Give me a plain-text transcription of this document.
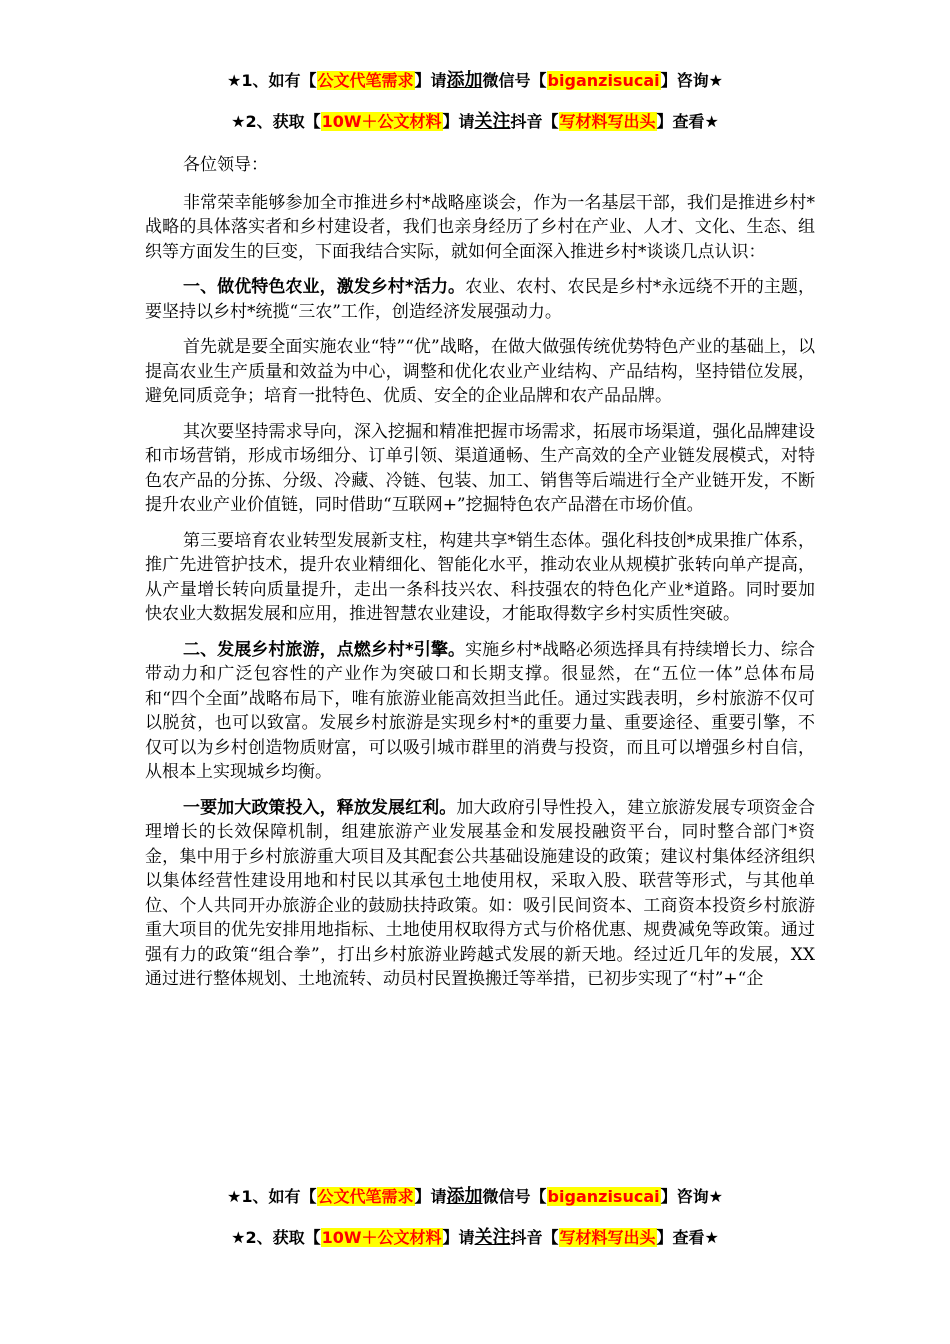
★1、如有【公文代笔需求】请添加微信号【biganzisucai】咨询★
★2、获取【10W＋公文材料】请关注抖音【写材料写出头】查看★

各位领导：

非常荣幸能够参加全市推进乡村*战略座谈会，作为一名基层干部，我们是推进乡村*战略的具体落实者和乡村建设者，我们也亲身经历了乡村在产业、人才、文化、生态、组织等方面发生的巨变，下面我结合实际，就如何全面深入推进乡村*谈谈几点认识：

一、做优特色农业，激发乡村*活力。农业、农村、农民是乡村*永远绕不开的主题，要坚持以乡村*统揽“三农”工作，创造经济发展强动力。

首先就是要全面实施农业“特”“优”战略，在做大做强传统优势特色产业的基础上，以提高农业生产质量和效益为中心，调整和优化农业产业结构、产品结构，坚持错位发展，避免同质竞争；培育一批特色、优质、安全的企业品牌和农产品品牌。

其次要坚持需求导向，深入挖掘和精准把握市场需求，拓展市场渠道，强化品牌建设和市场营销，形成市场细分、订单引领、渠道通畅、生产高效的全产业链发展模式，对特色农产品的分拣、分级、冷藏、冷链、包装、加工、销售等后端进行全产业链开发，不断提升农业产业价值链，同时借助“互联网+”挖掘特色农产品潜在市场价值。

第三要培育农业转型发展新支柱，构建共享*销生态体。强化科技创*成果推广体系，推广先进管护技术，提升农业精细化、智能化水平，推动农业从规模扩张转向单产提高，从产量增长转向质量提升，走出一条科技兴农、科技强农的特色化产业*道路。同时要加快农业大数据发展和应用，推进智慧农业建设，才能取得数字乡村实质性突破。

二、发展乡村旅游，点燃乡村*引擎。实施乡村*战略必须选择具有持续增长力、综合带动力和广泛包容性的产业作为突破口和长期支撑。很显然，在“五位一体”总体布局和“四个全面”战略布局下，唯有旅游业能高效担当此任。通过实践表明，乡村旅游不仅可以脱贫，也可以致富。发展乡村旅游是实现乡村*的重要力量、重要途径、重要引擎，不仅可以为乡村创造物质财富，可以吸引城市群里的消费与投资，而且可以增强乡村自信，从根本上实现城乡均衡。

一要加大政策投入，释放发展红利。加大政府引导性投入，建立旅游发展专项资金合理增长的长效保障机制，组建旅游产业发展基金和发展投融资平台，同时整合部门*资金，集中用于乡村旅游重大项目及其配套公共基础设施建设的政策；建议村集体经济组织以集体经营性建设用地和村民以其承包土地使用权，采取入股、联营等形式，与其他单位、个人共同开办旅游企业的鼓励扶持政策。如：吸引民间资本、工商资本投资乡村旅游重大项目的优先安排用地指标、土地使用权取得方式与价格优惠、规费减免等政策。通过强有力的政策“组合拳”，打出乡村旅游业跨越式发展的新天地。经过近几年的发展，XX通过进行整体规划、土地流转、动员村民置换搬迁等举措，已初步实现了“村”+“企

★1、如有【公文代笔需求】请添加微信号【biganzisucai】咨询★
★2、获取【10W＋公文材料】请关注抖音【写材料写出头】查看★
